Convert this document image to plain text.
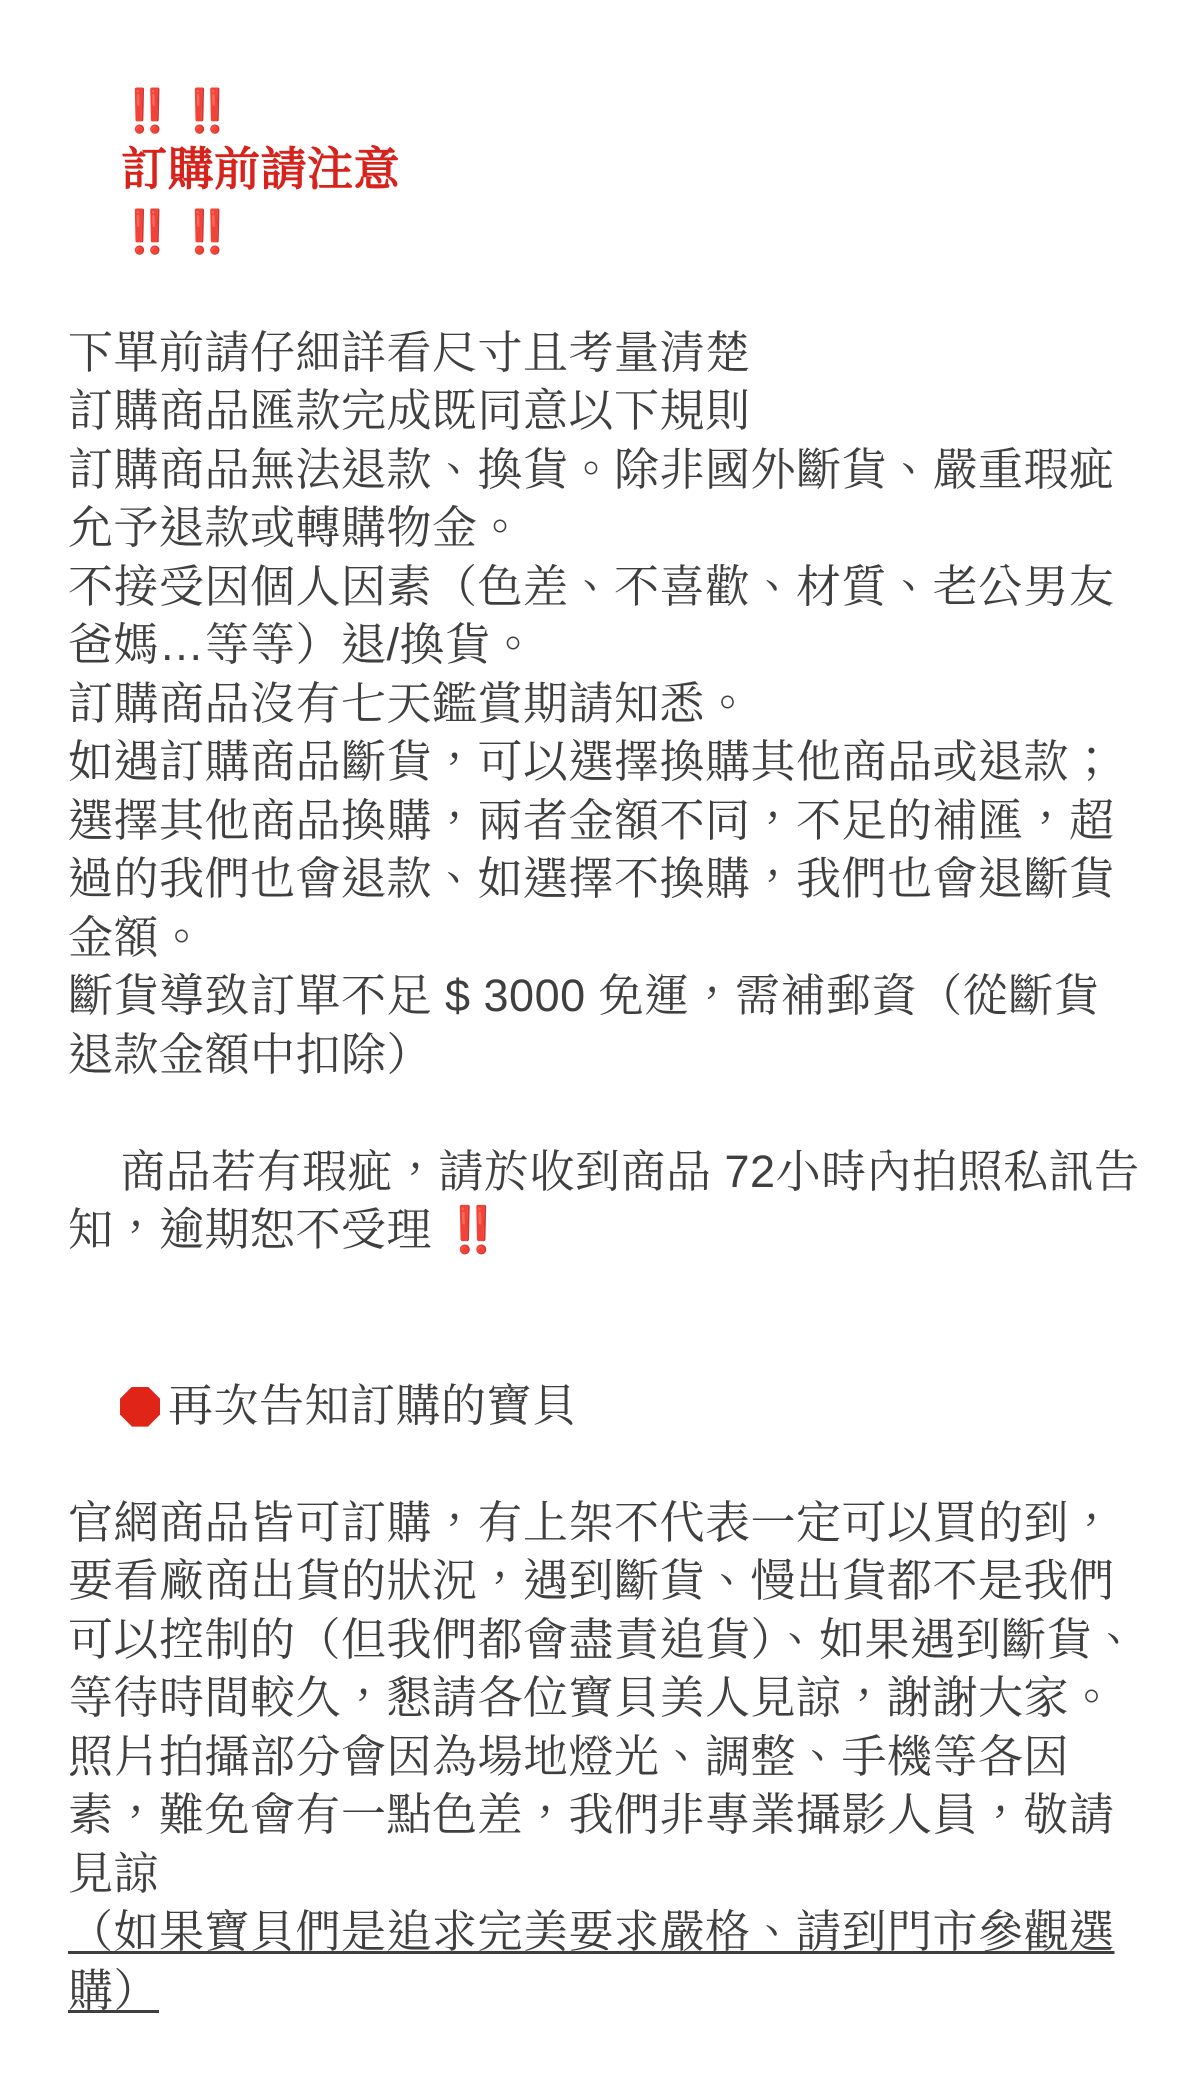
‼️ ‼️
訂購前請注意
‼️ ‼️

下單前請仔細詳看尺寸且考量清楚

訂購商品匯款完成既同意以下規則

訂購商品無法退款、換貨。除非國外斷貨、嚴重瑕疵允予退款或轉購物金。

不接受因個人因素（色差、不喜歡、材質、老公男友爸媽…等等）退/換貨。

訂購商品沒有七天鑑賞期請知悉。

如遇訂購商品斷貨，可以選擇換購其他商品或退款；選擇其他商品換購，兩者金額不同，不足的補匯，超過的我們也會退款、如選擇不換購，我們也會退斷貨金額。

斷貨導致訂單不足 $ 3000 免運，需補郵資（從斷貨退款金額中扣除）

商品若有瑕疵，請於收到商品 72小時內拍照私訊告知，逾期恕不受理 ‼️

再次告知訂購的寶貝

官網商品皆可訂購，有上架不代表一定可以買的到，要看廠商出貨的狀況，遇到斷貨、慢出貨都不是我們可以控制的（但我們都會盡責追貨）、如果遇到斷貨、等待時間較久，懇請各位寶貝美人見諒，謝謝大家。

照片拍攝部分會因為場地燈光、調整、手機等各因素，難免會有一點色差，我們非專業攝影人員，敬請見諒

（如果寶貝們是追求完美要求嚴格、請到門市參觀選購）
